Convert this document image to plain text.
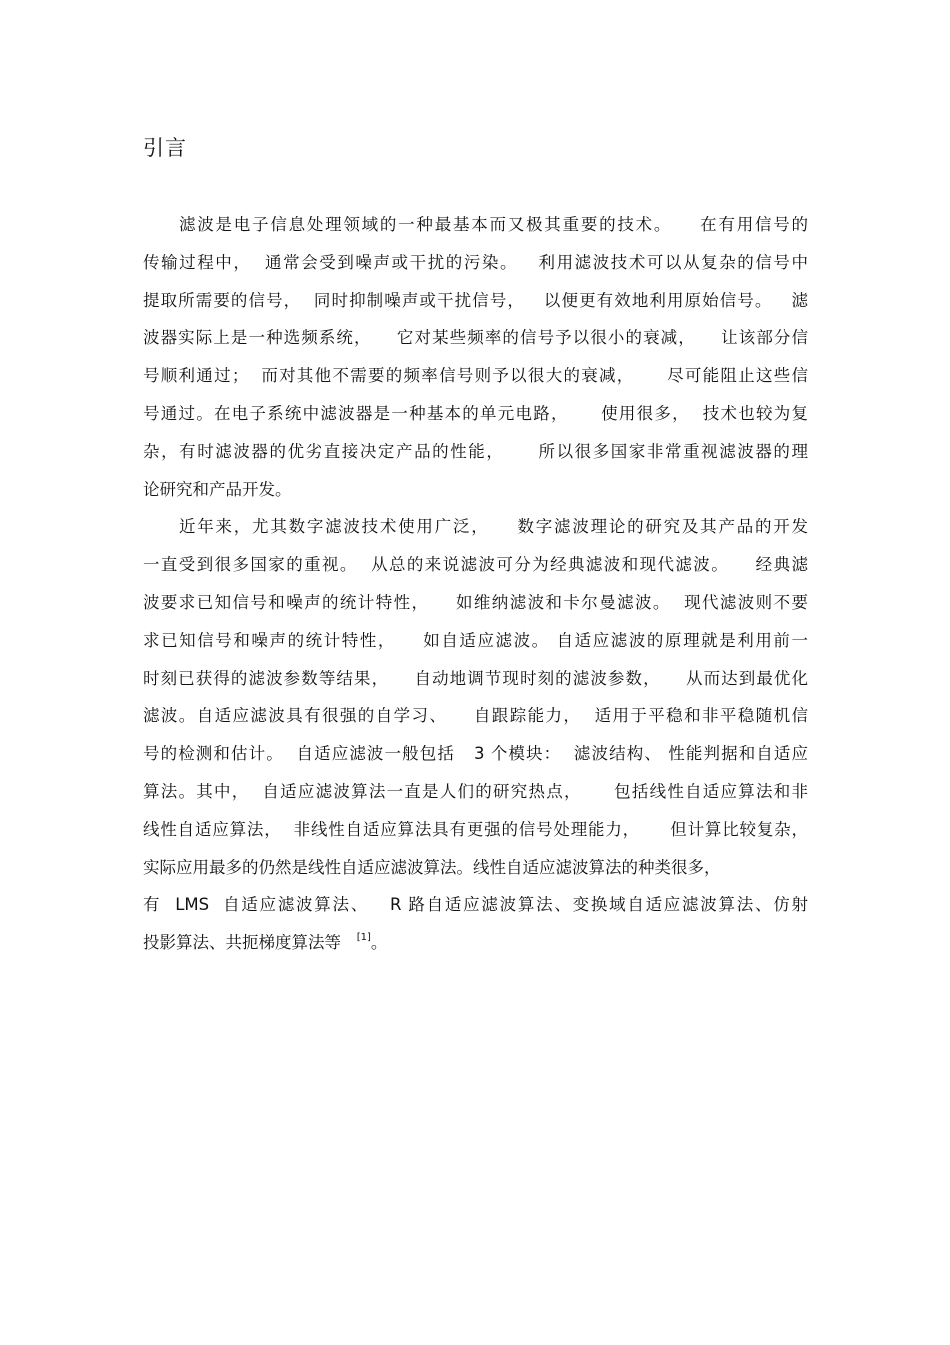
引言
滤波是电子信息处理领域的一种最基本而又极其重要的技术。    在有用信号的
传输过程中，  通常会受到噪声或干扰的污染。   利用滤波技术可以从复杂的信号中
提取所需要的信号，  同时抑制噪声或干扰信号，   以便更有效地利用原始信号。   滤
波器实际上是一种选频系统，    它对某些频率的信号予以很小的衰减，    让该部分信
号顺利通过；  而对其他不需要的频率信号则予以很大的衰减，     尽可能阻止这些信
号通过。在电子系统中滤波器是一种基本的单元电路，     使用很多，  技术也较为复
杂，有时滤波器的优劣直接决定产品的性能，     所以很多国家非常重视滤波器的理
论研究和产品开发。
近年来，尤其数字滤波技术使用广泛，    数字滤波理论的研究及其产品的开发
一直受到很多国家的重视。  从总的来说滤波可分为经典滤波和现代滤波。    经典滤
波要求已知信号和噪声的统计特性，    如维纳滤波和卡尔曼滤波。  现代滤波则不要
求已知信号和噪声的统计特性，    如自适应滤波。 自适应滤波的原理就是利用前一
时刻已获得的滤波参数等结果，    自动地调节现时刻的滤波参数，    从而达到最优化
滤波。自适应滤波具有很强的自学习、    自跟踪能力，  适用于平稳和非平稳随机信
号的检测和估计。  自适应滤波一般包括   3 个模块：  滤波结构、 性能判据和自适应
算法。其中，  自适应滤波算法一直是人们的研究热点，     包括线性自适应算法和非
线性自适应算法，  非线性自适应算法具有更强的信号处理能力，     但计算比较复杂，
实际应用最多的仍然是线性自适应滤波算法。线性自适应滤波算法的种类很多，
有  LMS  自适应滤波算法、   R 路自适应滤波算法、变换域自适应滤波算法、仿射
投影算法、共扼梯度算法等   [1]。
